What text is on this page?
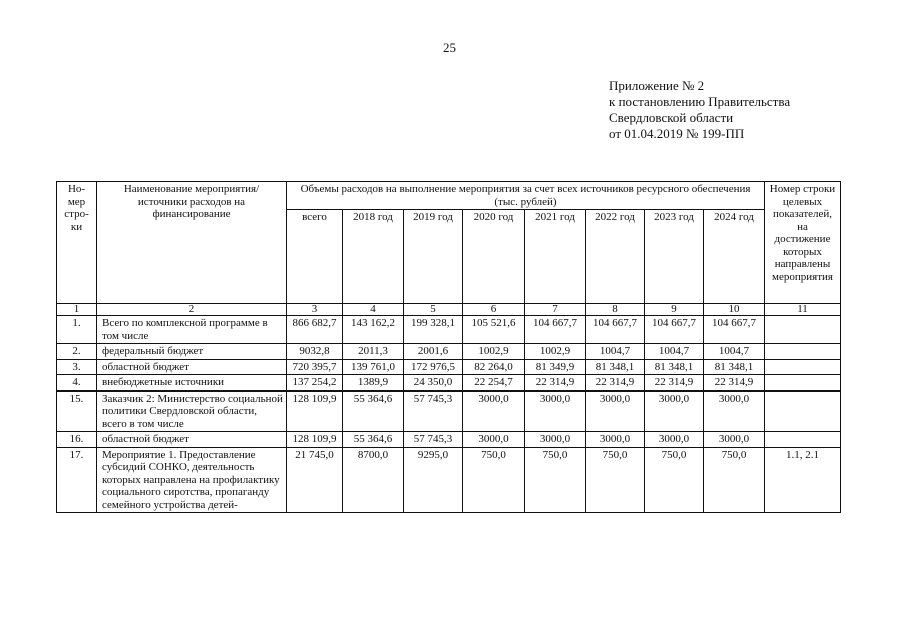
25
Приложение № 2
к постановлению Правительства
Свердловской области
от 01.04.2019 № 199-ПП
Но-мер стро-ки	Наименование мероприятия/источники расходов на финансирование	Объемы расходов на выполнение мероприятия за счет всех источников ресурсного обеспечения (тыс. рублей)								Номер строки целевых показателей, на достижение которых направлены мероприятия
		всего	2018 год	2019 год	2020 год	2021 год	2022 год	2023 год	2024 год	
1	2	3	4	5	6	7	8	9	10	11
1.	Всего по комплексной программе в том числе	866 682,7	143 162,2	199 328,1	105 521,6	104 667,7	104 667,7	104 667,7	104 667,7	
2.	федеральный бюджет	9032,8	2011,3	2001,6	1002,9	1002,9	1004,7	1004,7	1004,7	
3.	областной бюджет	720 395,7	139 761,0	172 976,5	82 264,0	81 349,9	81 348,1	81 348,1	81 348,1	
4.	внебюджетные источники	137 254,2	1389,9	24 350,0	22 254,7	22 314,9	22 314,9	22 314,9	22 314,9	
15.	Заказчик 2: Министерство социальной политики Свердловской области, всего в том числе	128 109,9	55 364,6	57 745,3	3000,0	3000,0	3000,0	3000,0	3000,0	
16.	областной бюджет	128 109,9	55 364,6	57 745,3	3000,0	3000,0	3000,0	3000,0	3000,0	
17.	Мероприятие 1. Предоставление субсидий СОНКО, деятельность которых направлена на профилактику социального сиротства, пропаганду семейного устройства детей-	21 745,0	8700,0	9295,0	750,0	750,0	750,0	750,0	750,0	1.1, 2.1
